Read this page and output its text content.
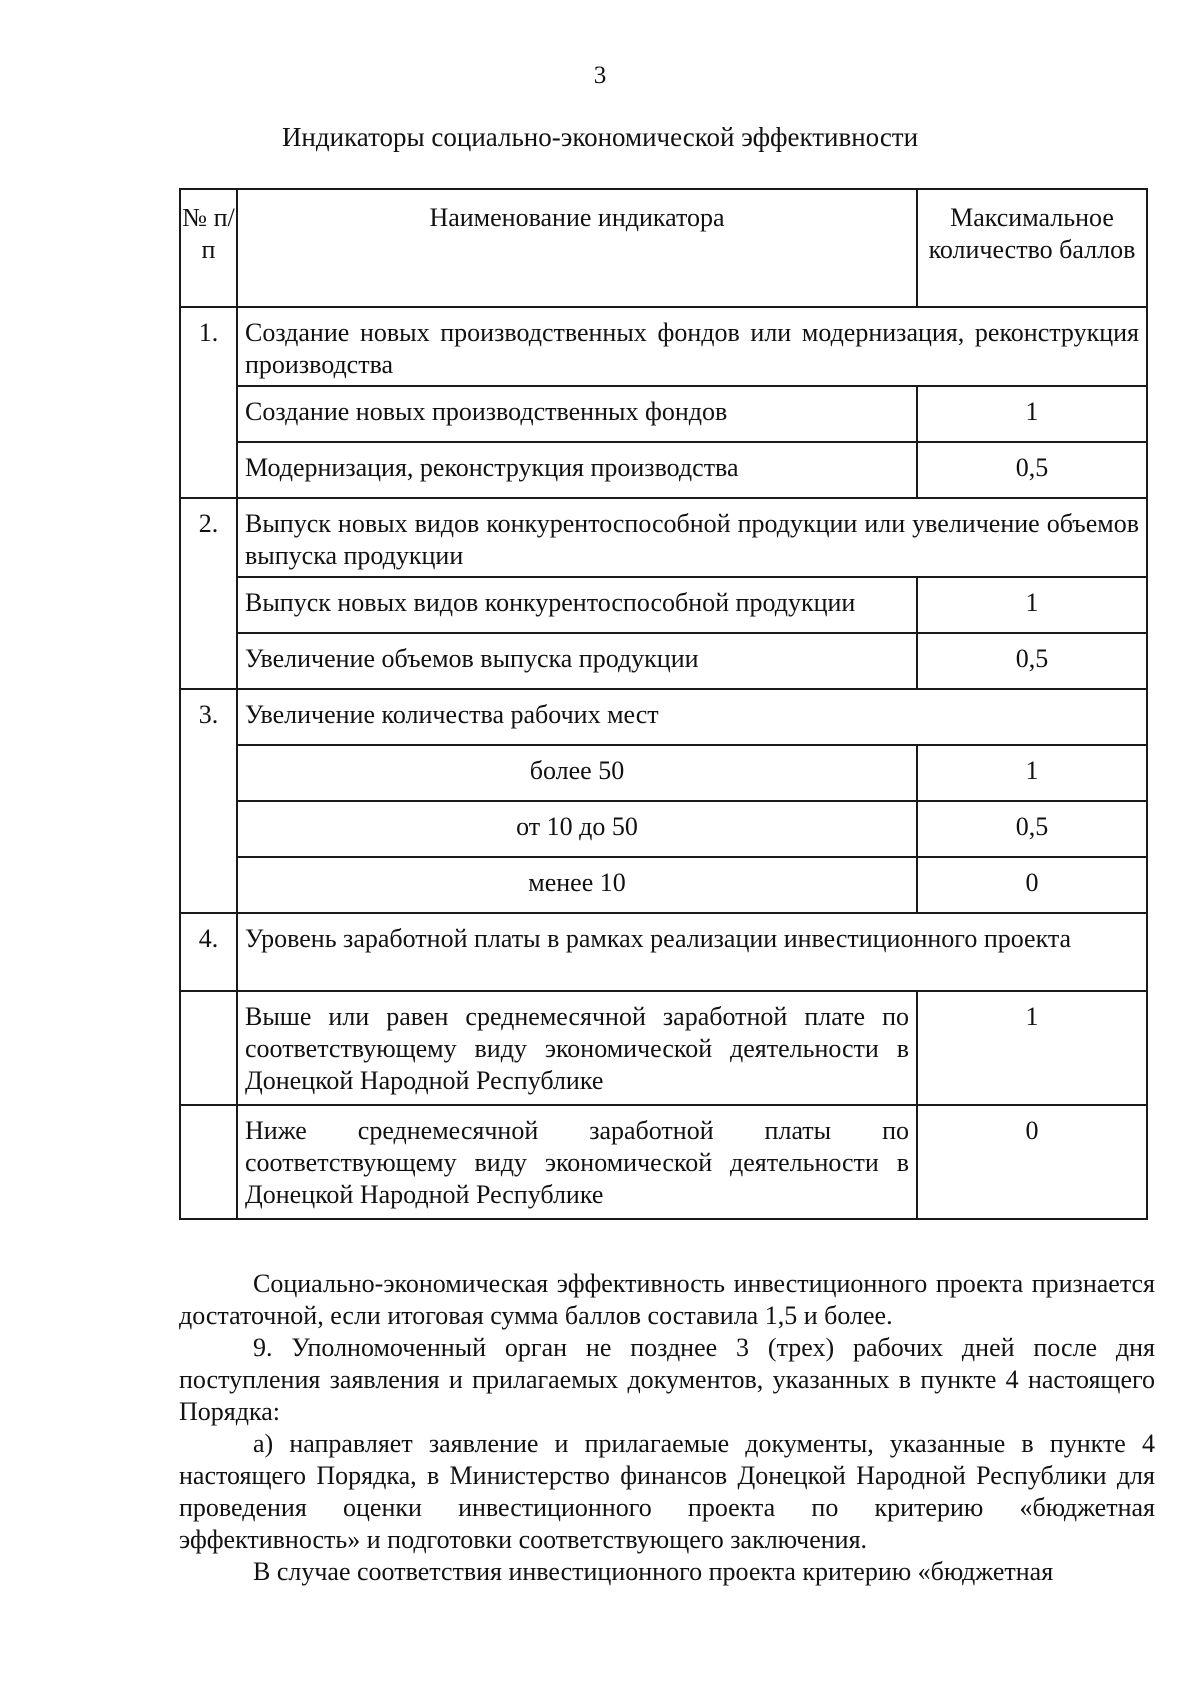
3
Индикаторы социально-экономической эффективности
№ п/п	Наименование индикатора	Максимальное количество баллов
1.	Создание новых производственных фондов или модернизация, реконструкция производства	
	Создание новых производственных фондов	1
	Модернизация, реконструкция производства	0,5
2.	Выпуск новых видов конкурентоспособной продукции или увеличение объемов выпуска продукции	
	Выпуск новых видов конкурентоспособной продукции	1
	Увеличение объемов выпуска продукции	0,5
3.	Увеличение количества рабочих мест	
	более 50	1
	от 10 до 50	0,5
	менее 10	0
4.	Уровень заработной платы в рамках реализации инвестиционного проекта	
	Выше или равен среднемесячной заработной плате по соответствующему виду экономической деятельности в Донецкой Народной Республике	1
	Ниже среднемесячной заработной платы по соответствующему виду экономической деятельности в Донецкой Народной Республике	0

Социально-экономическая эффективность инвестиционного проекта признается достаточной, если итоговая сумма баллов составила 1,5 и более.

9. Уполномоченный орган не позднее 3 (трех) рабочих дней после дня поступления заявления и прилагаемых документов, указанных в пункте 4 настоящего Порядка:

а) направляет заявление и прилагаемые документы, указанные в пункте 4 настоящего Порядка, в Министерство финансов Донецкой Народной Республики для проведения оценки инвестиционного проекта по критерию «бюджетная эффективность» и подготовки соответствующего заключения.

В случае соответствия инвестиционного проекта критерию «бюджетная
